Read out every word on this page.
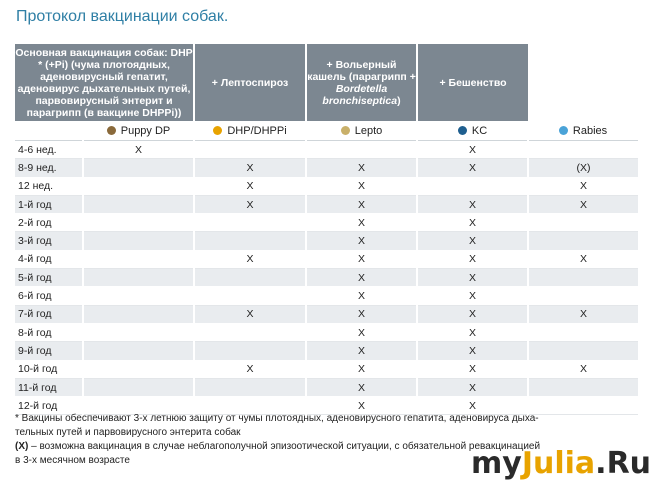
Протокол вакцинации собак.
Основная вакцинация собак: DHP * (+Pi) (чума плотоядных, аденовирусный гепатит, аденовирус дыхательных путей, парвовирусный энтерит и парагрипп (в вакцине DHPPi))		+ Лептоспироз	+ Вольерный кашель (парагрипп + Bordetella bronchiseptica)	+ Бешенство	
	Puppy DP	DHP/DHPPi	Lepto	KC	Rabies
4-6 нед.	X			X	
8-9 нед.		X	X	X	(X)
12 нед.		X	X		X
1-й год		X	X	X	X
2-й год			X	X	
3-й год			X	X	
4-й год		X	X	X	X
5-й год			X	X	
6-й год			X	X	
7-й год		X	X	X	X
8-й год			X	X	
9-й год			X	X	
10-й год		X	X	X	X
11-й год			X	X	
12-й год			X	X	
* Вакцины обеспечивают 3-х летнюю защиту от чумы плотоядных, аденовирусного гепатита, аденовируса дыха-
тельных путей и парвовирусного энтерита собак
(Х) – возможна вакцинация в случае неблагополучной эпизоотической ситуации, с обязательной ревакцинацией
в 3-х месячном возрасте	myJulia.Ru
